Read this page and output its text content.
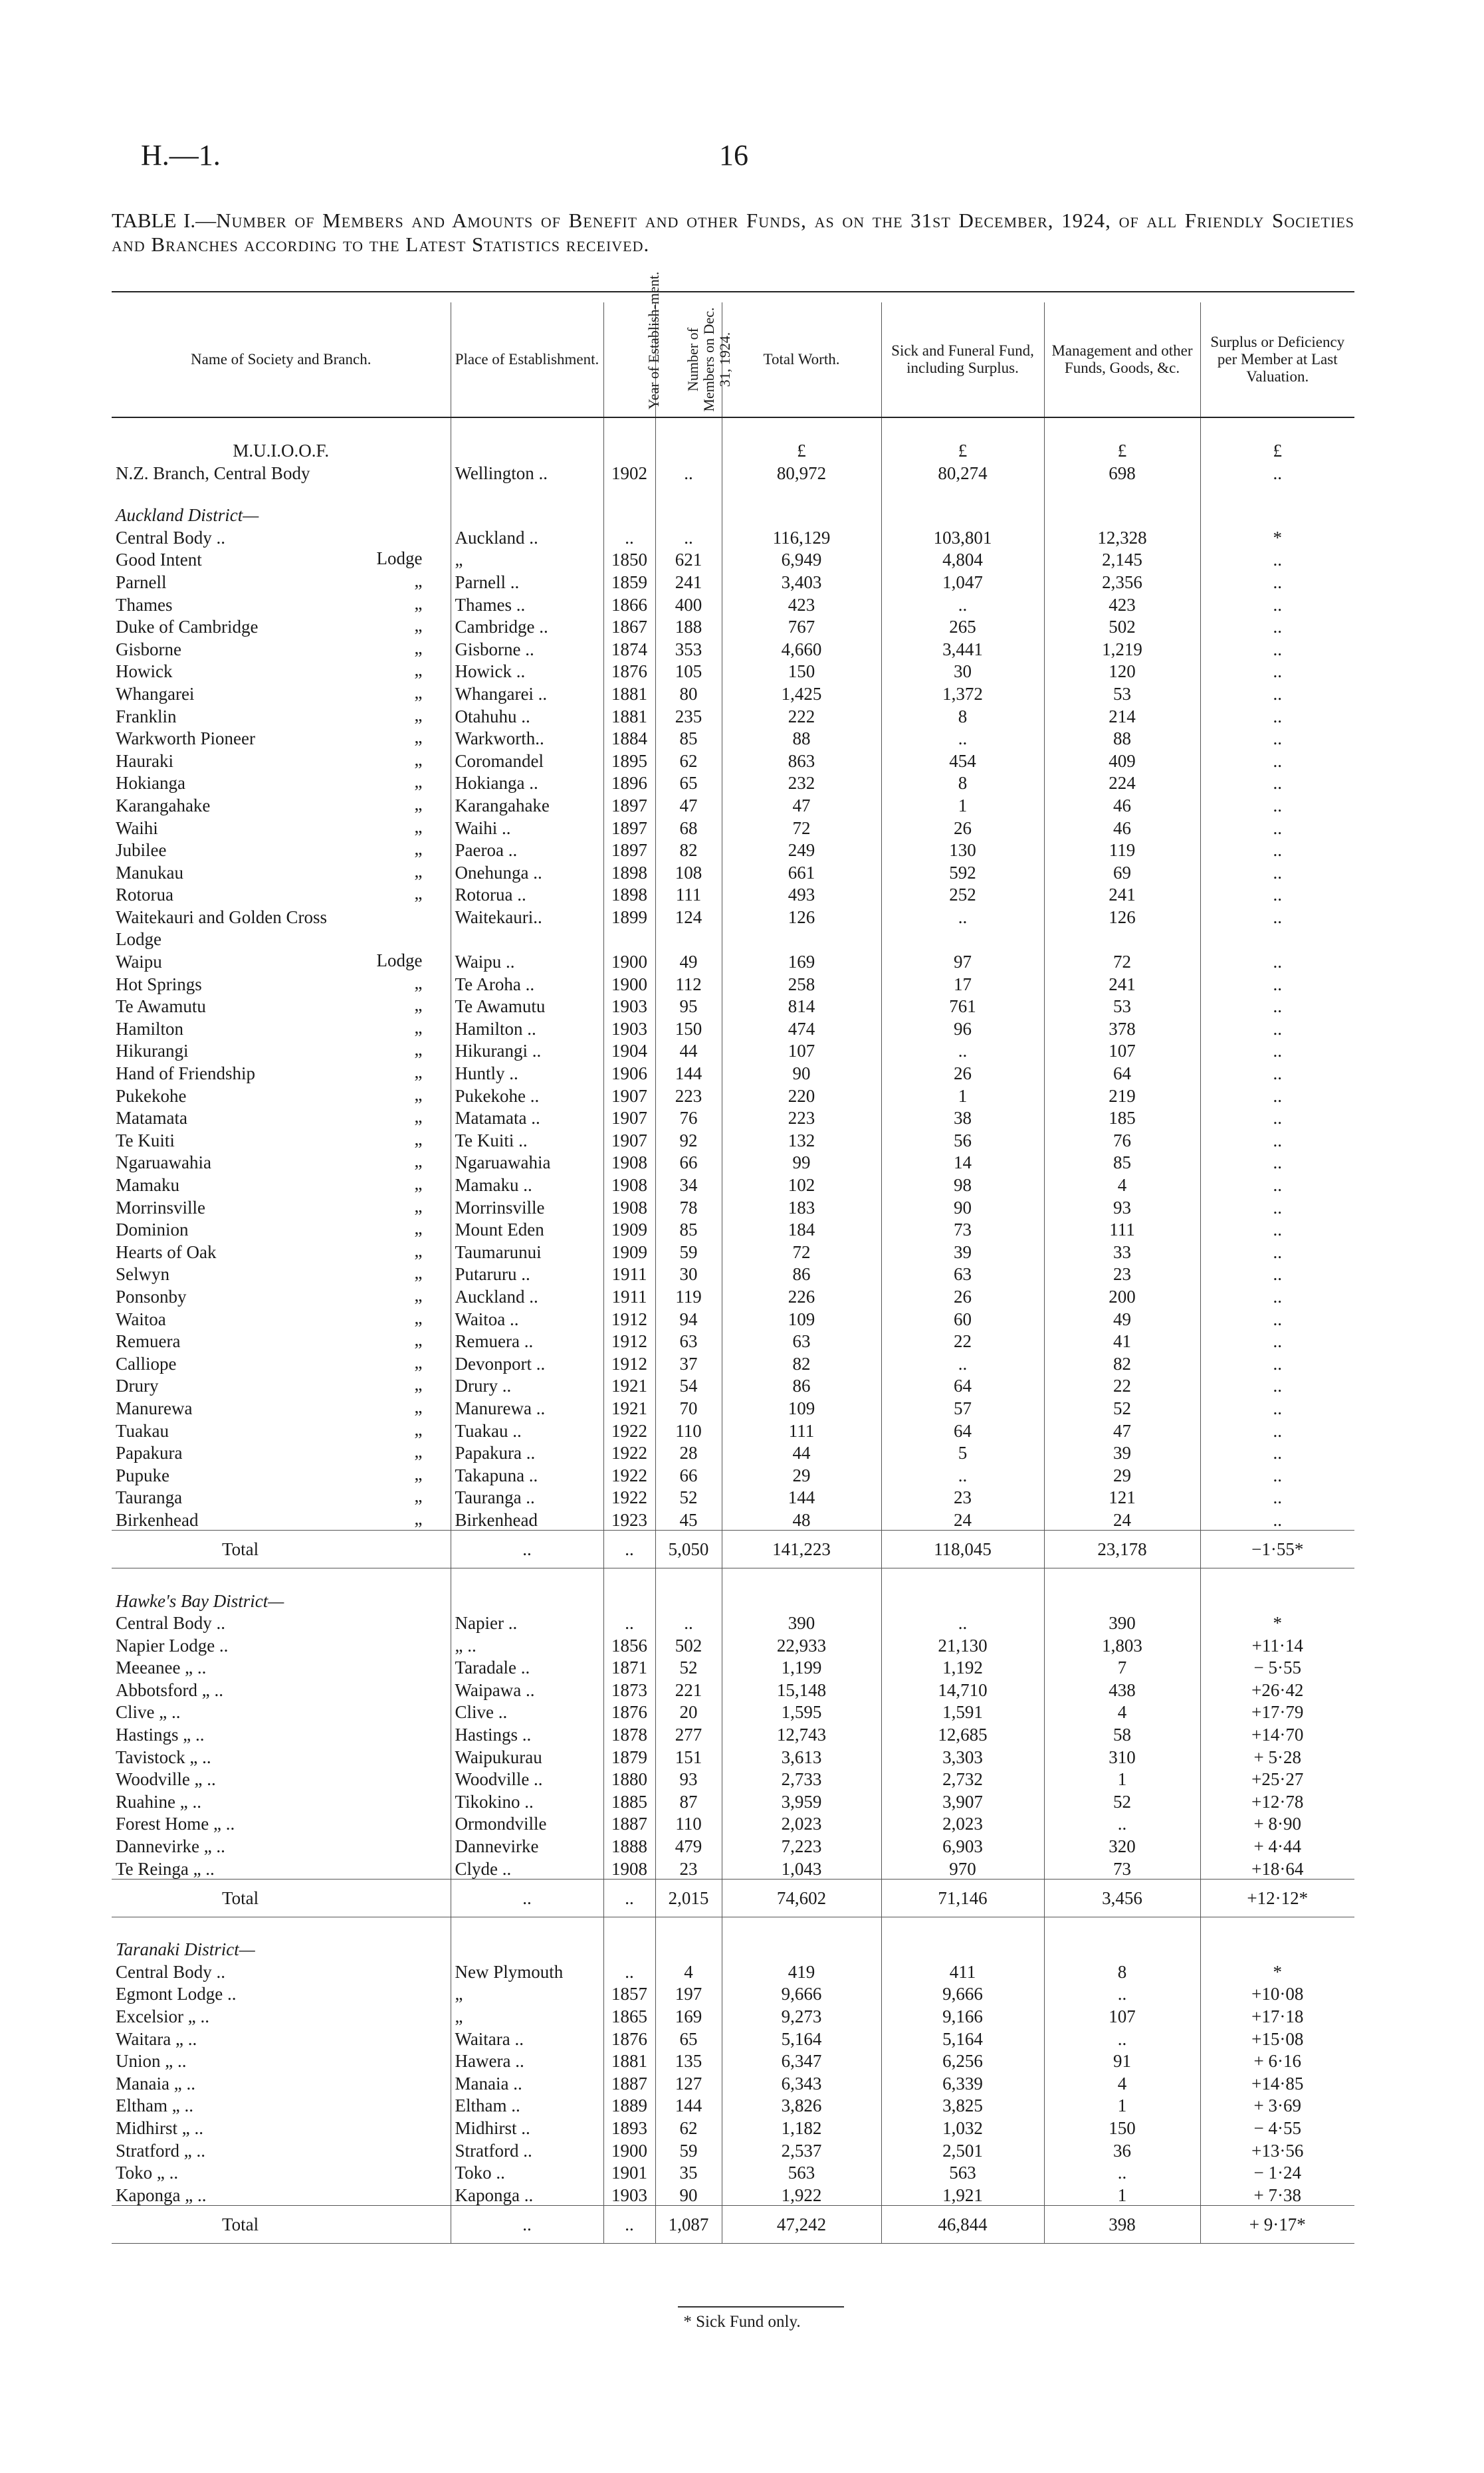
H.—1.	16
TABLE I.—Number of Members and Amounts of Benefit and other Funds, as on the 31st December, 1924, of all Friendly Societies and Branches according to the Latest Statistics received.
Name of Society and Branch.	Place of Establishment.	Year of Establish-ment.	Number of Members on Dec. 31, 1924.	Total Worth.	Sick and Funeral Fund, including Surplus.	Management and other Funds, Goods, &c.	Surplus or Deficiency per Member at Last Valuation.

M.U.I.O.O.F.				£	£	£	£
N.Z. Branch, Central Body	Wellington ..	1902	..	80,972	80,274	698	..

Auckland District—							
Central Body ..	Auckland ..	..	..	116,129	103,801	12,328	*
Good Intent Lodge	„	1850	621	6,949	4,804	2,145	..
Parnell „	Parnell ..	1859	241	3,403	1,047	2,356	..
Thames „	Thames ..	1866	400	423	..	423	..
Duke of Cambridge „	Cambridge ..	1867	188	767	265	502	..
Gisborne „	Gisborne ..	1874	353	4,660	3,441	1,219	..
Howick „	Howick ..	1876	105	150	30	120	..
Whangarei „	Whangarei ..	1881	80	1,425	1,372	53	..
Franklin „	Otahuhu ..	1881	235	222	8	214	..
Warkworth Pioneer „	Warkworth..	1884	85	88	..	88	..
Hauraki „	Coromandel	1895	62	863	454	409	..
Hokianga „	Hokianga ..	1896	65	232	8	224	..
Karangahake „	Karangahake	1897	47	47	1	46	..
Waihi „	Waihi ..	1897	68	72	26	46	..
Jubilee „	Paeroa ..	1897	82	249	130	119	..
Manukau „	Onehunga ..	1898	108	661	592	69	..
Rotorua „	Rotorua ..	1898	111	493	252	241	..
Waitekauri and Golden Cross	Waitekauri..	1899	124	126	..	126	..
Lodge							
Waipu Lodge	Waipu ..	1900	49	169	97	72	..
Hot Springs „	Te Aroha ..	1900	112	258	17	241	..
Te Awamutu „	Te Awamutu	1903	95	814	761	53	..
Hamilton „	Hamilton ..	1903	150	474	96	378	..
Hikurangi „	Hikurangi ..	1904	44	107	..	107	..
Hand of Friendship „	Huntly ..	1906	144	90	26	64	..
Pukekohe „	Pukekohe ..	1907	223	220	1	219	..
Matamata „	Matamata ..	1907	76	223	38	185	..
Te Kuiti „	Te Kuiti ..	1907	92	132	56	76	..
Ngaruawahia „	Ngaruawahia	1908	66	99	14	85	..
Mamaku „	Mamaku ..	1908	34	102	98	4	..
Morrinsville „	Morrinsville	1908	78	183	90	93	..
Dominion „	Mount Eden	1909	85	184	73	111	..
Hearts of Oak „	Taumarunui	1909	59	72	39	33	..
Selwyn „	Putaruru ..	1911	30	86	63	23	..
Ponsonby „	Auckland ..	1911	119	226	26	200	..
Waitoa „	Waitoa ..	1912	94	109	60	49	..
Remuera „	Remuera ..	1912	63	63	22	41	..
Calliope „	Devonport ..	1912	37	82	..	82	..
Drury „	Drury ..	1921	54	86	64	22	..
Manurewa „	Manurewa ..	1921	70	109	57	52	..
Tuakau „	Tuakau ..	1922	110	111	64	47	..
Papakura „	Papakura ..	1922	28	44	5	39	..
Pupuke „	Takapuna ..	1922	66	29	..	29	..
Tauranga „	Tauranga ..	1922	52	144	23	121	..
Birkenhead „	Birkenhead	1923	45	48	24	24	..
Total	..	..	5,050	141,223	118,045	23,178	−1·55*

Hawke's Bay District—							
Central Body ..	Napier ..	..	..	390	..	390	*
Napier Lodge ..	„ ..	1856	502	22,933	21,130	1,803	+11·14
Meeanee „ ..	Taradale ..	1871	52	1,199	1,192	7	− 5·55
Abbotsford „ ..	Waipawa ..	1873	221	15,148	14,710	438	+26·42
Clive „ ..	Clive ..	1876	20	1,595	1,591	4	+17·79
Hastings „ ..	Hastings ..	1878	277	12,743	12,685	58	+14·70
Tavistock „ ..	Waipukurau	1879	151	3,613	3,303	310	+ 5·28
Woodville „ ..	Woodville ..	1880	93	2,733	2,732	1	+25·27
Ruahine „ ..	Tikokino ..	1885	87	3,959	3,907	52	+12·78
Forest Home „ ..	Ormondville	1887	110	2,023	2,023	..	+ 8·90
Dannevirke „ ..	Dannevirke	1888	479	7,223	6,903	320	+ 4·44
Te Reinga „ ..	Clyde ..	1908	23	1,043	970	73	+18·64
Total	..	..	2,015	74,602	71,146	3,456	+12·12*

Taranaki District—							
Central Body ..	New Plymouth	..	4	419	411	8	*
Egmont Lodge ..	„	1857	197	9,666	9,666	..	+10·08
Excelsior „ ..	„	1865	169	9,273	9,166	107	+17·18
Waitara „ ..	Waitara ..	1876	65	5,164	5,164	..	+15·08
Union „ ..	Hawera ..	1881	135	6,347	6,256	91	+ 6·16
Manaia „ ..	Manaia ..	1887	127	6,343	6,339	4	+14·85
Eltham „ ..	Eltham ..	1889	144	3,826	3,825	1	+ 3·69
Midhirst „ ..	Midhirst ..	1893	62	1,182	1,032	150	− 4·55
Stratford „ ..	Stratford ..	1900	59	2,537	2,501	36	+13·56
Toko „ ..	Toko ..	1901	35	563	563	..	− 1·24
Kaponga „ ..	Kaponga ..	1903	90	1,922	1,921	1	+ 7·38
Total	..	..	1,087	47,242	46,844	398	+ 9·17*
* Sick Fund only.
